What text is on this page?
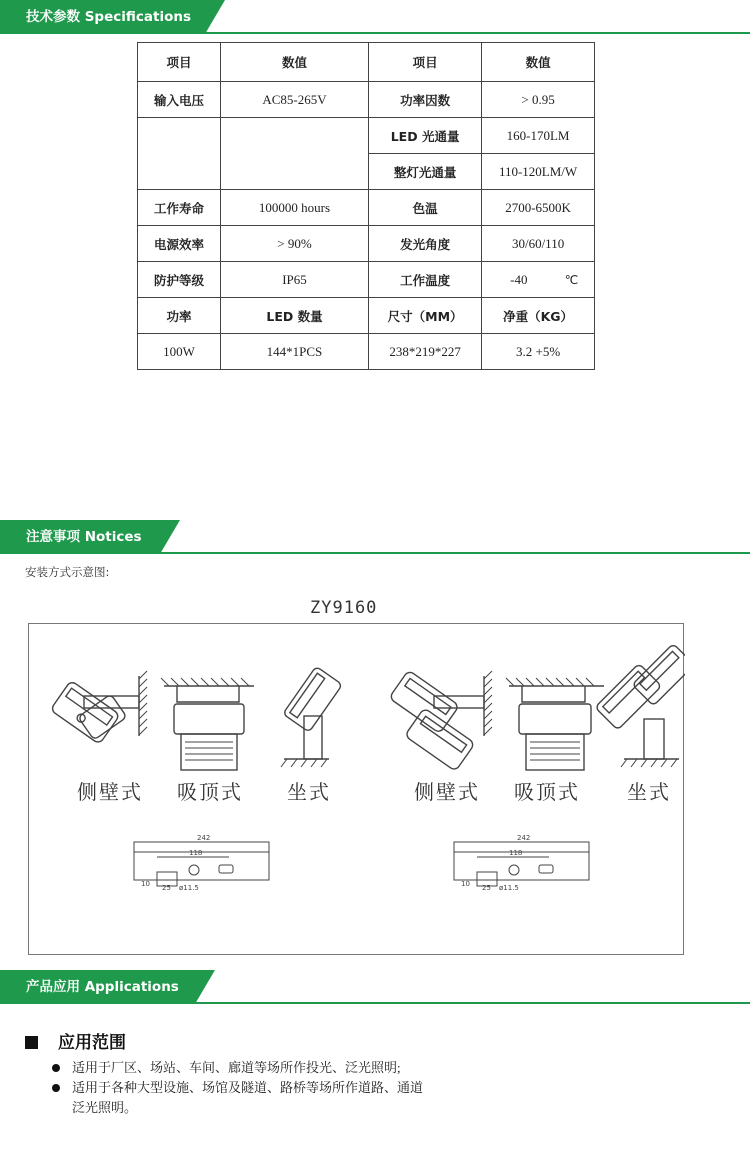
技术参数 Specifications
项目	数值	项目	数值
输入电压	AC85-265V	功率因数	> 0.95
		LED 光通量	160-170LM
		整灯光通量	110-120LM/W
工作寿命	100000 hours	色温	2700-6500K
电源效率	> 90%	发光角度	30/60/110
防护等级	IP65	工作温度	-40 ℃
功率	LED 数量	尺寸（MM）	净重（KG）
100W	144*1PCS	238*219*227	3.2 +5%
注意事项 Notices
安装方式示意图:
ZY9160
242
118
10 25 ø11.5
242
118
10 25 ø11.5
侧壁式 吸顶式 坐式	侧壁式 吸顶式 坐式
产品应用 Applications
应用范围
适用于厂区、场站、车间、廊道等场所作投光、泛光照明;
适用于各种大型设施、场馆及隧道、路桥等场所作道路、通道
泛光照明。
